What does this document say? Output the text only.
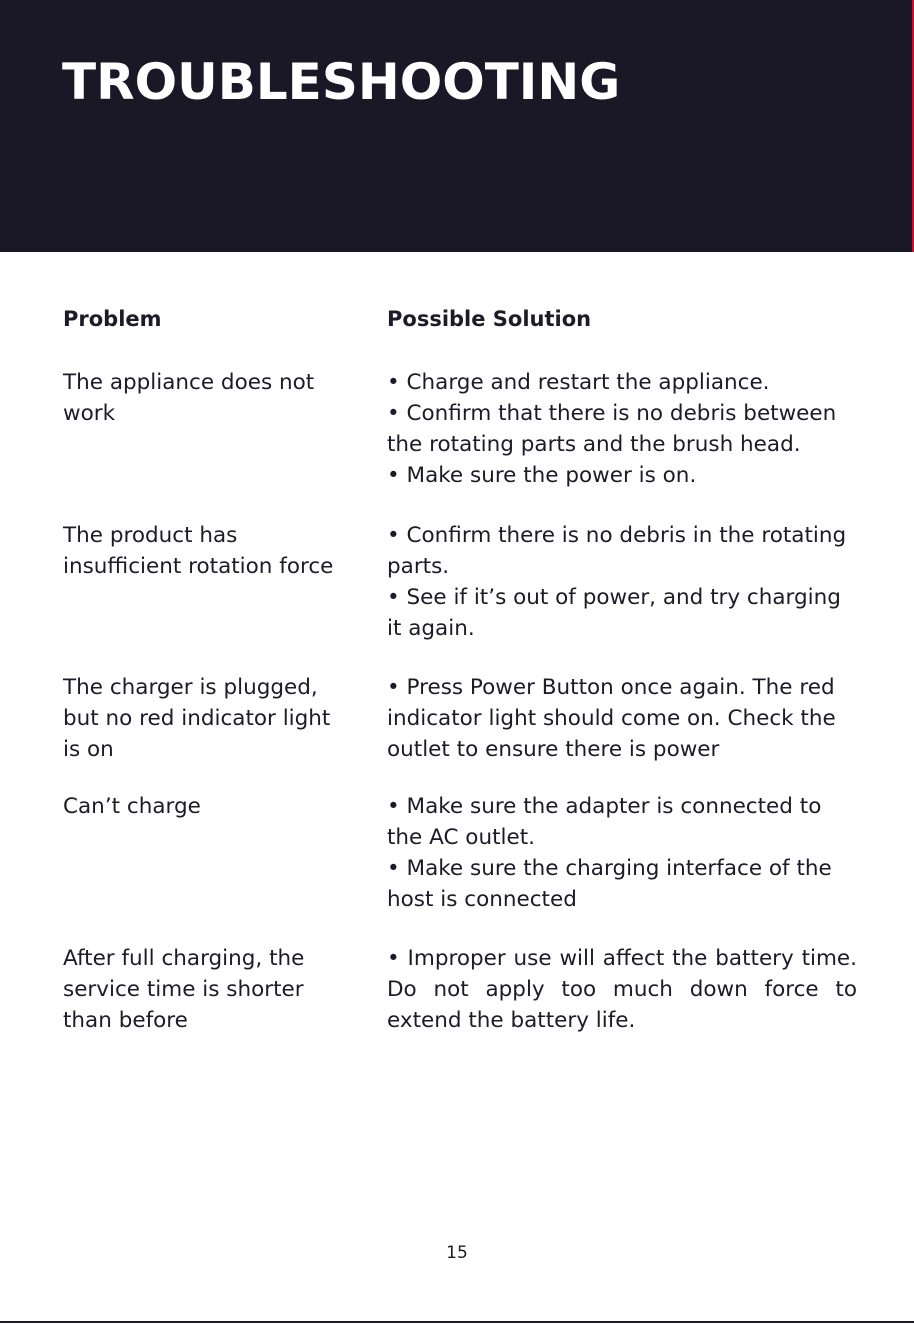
TROUBLESHOOTING
Problem	Possible Solution

The appliance does not work

• Charge and restart the appliance.
• Confirm that there is no debris between the rotating parts and the brush head.
• Make sure the power is on.

The product has insufficient rotation force

• Confirm there is no debris in the rotating parts.
• See if it’s out of power, and try charging it again.

The charger is plugged, but no red indicator light is on

• Press Power Button once again. The red indicator light should come on. Check the outlet to ensure there is power

Can’t charge	• Make sure the adapter is connected to the AC outlet.
• Make sure the charging interface of the host is connected

After full charging, the service time is shorter than before

• Improper use will affect the battery time. Do not apply too much down force to extend the battery life.
15
